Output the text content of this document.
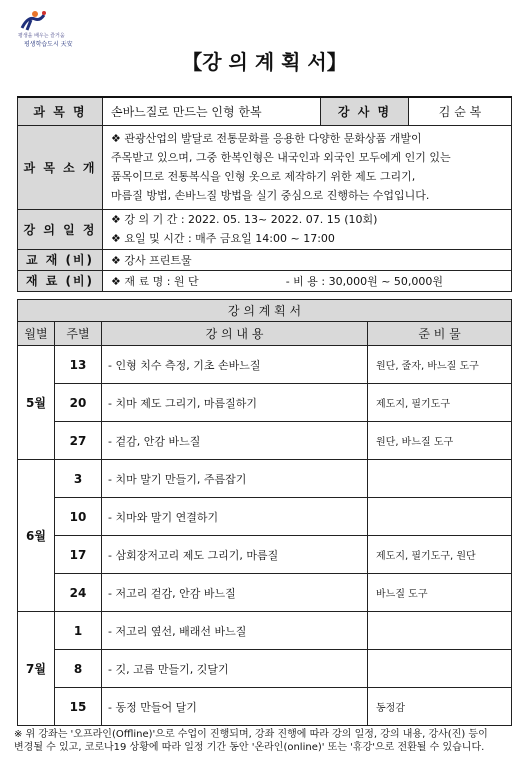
평생을 배우는 즐거움
평생학습도시 天安
【강 의 계 획 서】
과 목 명	손바느질로 만드는 인형 한복	강 사 명	김 순 복
과 목 소 개	❖ 관광산업의 발달로 전통문화를 응용한 다양한 문화상품 개발이
주목받고 있으며, 그중 한복인형은 내국인과 외국인 모두에게 인기 있는
품목이므로 전통복식을 인형 옷으로 제작하기 위한 제도 그리기,
마름질 방법, 손바느질 방법을 실기 중심으로 진행하는 수업입니다.		

강 의 일 정	❖ 강 의 기 간 : 2022. 05. 13~ 2022. 07. 15 (10회)
❖ 요일 및 시간 : 매주 금요일 14:00 ~ 17:00		

교 재 (비)	❖ 강사 프린트물		
재 료 (비)	❖ 재 료 명 : 원 단 - 비 용 : 30,000원 ~ 50,000원		
강 의 계 획 서			
월별	주별	강 의 내 용	준 비 물
5월	13	- 인형 치수 측정, 기초 손바느질	원단, 줄자, 바느질 도구
	20	- 치마 제도 그리기, 마름질하기	제도지, 필기도구
	27	- 겉감, 안감 바느질	원단, 바느질 도구
6월	3	- 치마 말기 만들기, 주름잡기	
	10	- 치마와 말기 연결하기	
	17	- 삼회장저고리 제도 그리기, 마름질	제도지, 필기도구, 원단
	24	- 저고리 겉감, 안감 바느질	바느질 도구
7월	1	- 저고리 옆선, 배래선 바느질	
	8	- 깃, 고름 만들기, 깃달기	
	15	- 동정 만들어 달기	동정감
※ 위 강좌는 '오프라인(Offline)'으로 수업이 진행되며, 강좌 진행에 따라 강의 일정, 강의 내용, 강사(진) 등이
변경될 수 있고, 코로나19 상황에 따라 일정 기간 동안 '온라인(online)' 또는 '휴강'으로 전환될 수 있습니다.
